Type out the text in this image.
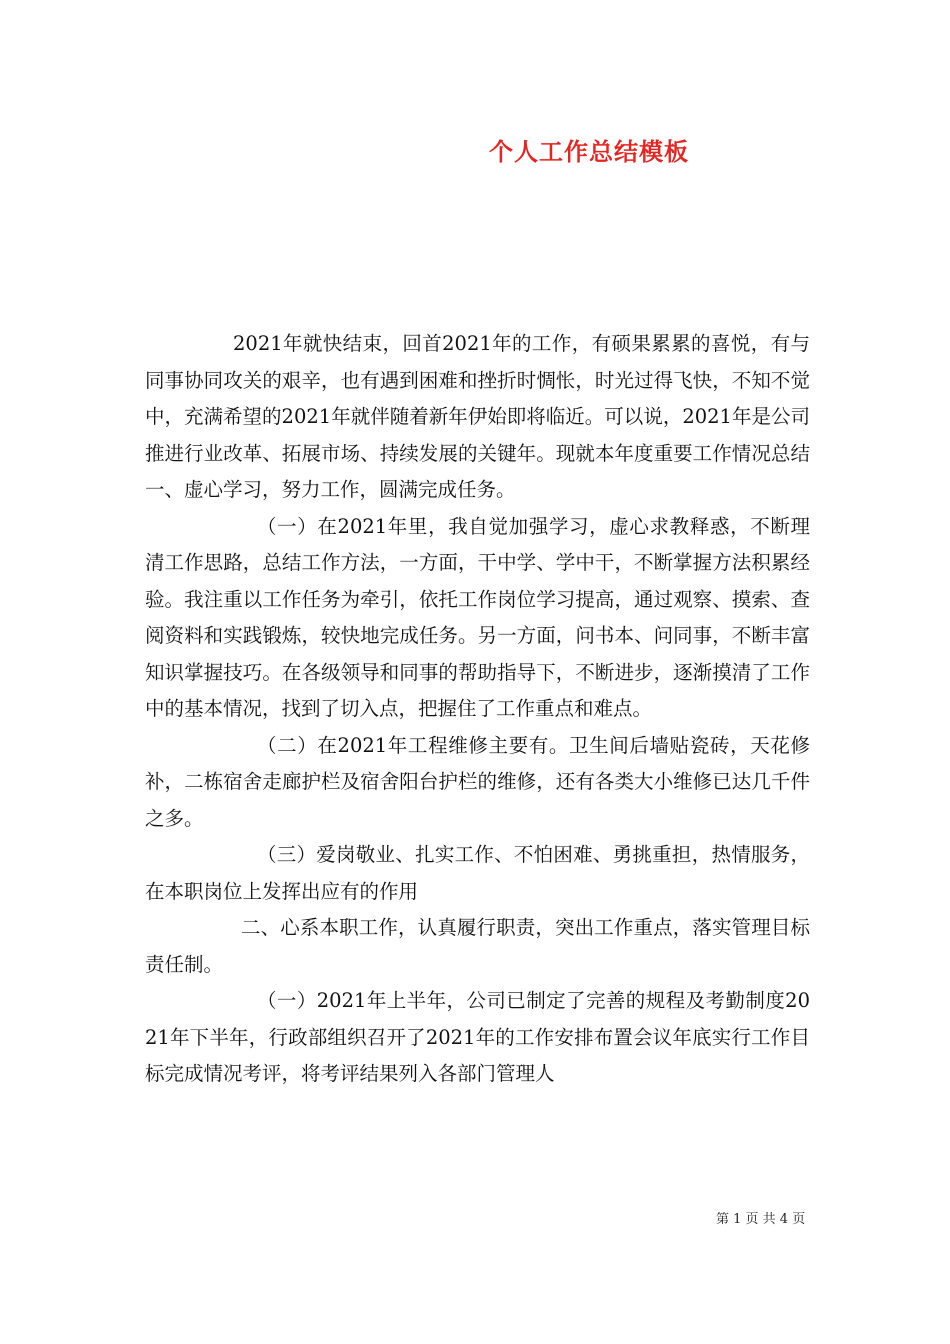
个人工作总结模板

2021年就快结束，回首2021年的工作，有硕果累累的喜悦，有与同事协同攻关的艰辛，也有遇到困难和挫折时惆怅，时光过得飞快，不知不觉中，充满希望的2021年就伴随着新年伊始即将临近。可以说，2021年是公司推进行业改革、拓展市场、持续发展的关键年。现就本年度重要工作情况总结一、虚心学习，努力工作，圆满完成任务。

（一）在2021年里，我自觉加强学习，虚心求教释惑，不断理清工作思路，总结工作方法，一方面，干中学、学中干，不断掌握方法积累经验。我注重以工作任务为牵引，依托工作岗位学习提高，通过观察、摸索、查阅资料和实践锻炼，较快地完成任务。另一方面，问书本、问同事，不断丰富知识掌握技巧。在各级领导和同事的帮助指导下，不断进步，逐渐摸清了工作中的基本情况，找到了切入点，把握住了工作重点和难点。

（二）在2021年工程维修主要有。卫生间后墙贴瓷砖，天花修补，二栋宿舍走廊护栏及宿舍阳台护栏的维修，还有各类大小维修已达几千件之多。

（三）爱岗敬业、扎实工作、不怕困难、勇挑重担，热情服务，在本职岗位上发挥出应有的作用

二、心系本职工作，认真履行职责，突出工作重点，落实管理目标责任制。

（一）2021年上半年，公司已制定了完善的规程及考勤制度2021年下半年，行政部组织召开了2021年的工作安排布置会议年底实行工作目标完成情况考评，将考评结果列入各部门管理人

第 1 页 共 4 页
